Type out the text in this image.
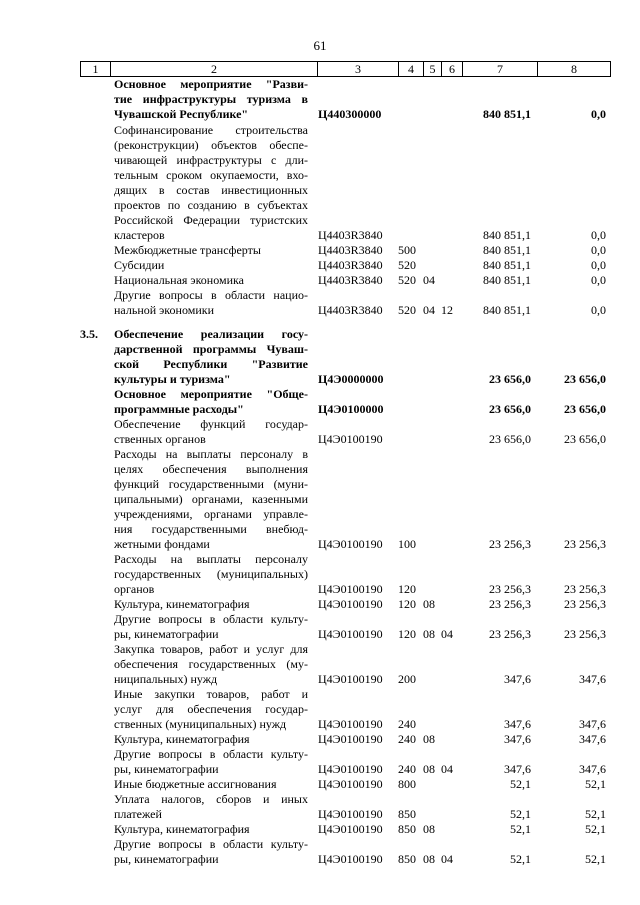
61
1	2	3	4	5	6	7	8
Основное мероприятие "Разви-
тие инфраструктуры туризма в
Чувашской Республике"	Ц440300000	840 851,1	0,0
Софинансирование строительства
(реконструкции) объектов обеспе-
чивающей инфраструктуры с дли-
тельным сроком окупаемости, вхо-
дящих в состав инвестиционных
проектов по созданию в субъектах
Российской Федерации туристских
кластеров	Ц4403R3840	840 851,1	0,0
Межбюджетные трансферты	Ц4403R3840	500	840 851,1	0,0
Субсидии	Ц4403R3840	520	840 851,1	0,0
Национальная экономика	Ц4403R3840	520 04	840 851,1	0,0
Другие вопросы в области нацио-
нальной экономики	Ц4403R3840	520 04 12	840 851,1	0,0
3.5.	Обеспечение реализации госу-
дарственной программы Чуваш-
ской Республики "Развитие
культуры и туризма"	Ц4Э0000000	23 656,0	23 656,0
Основное мероприятие "Обще-
программные расходы"	Ц4Э0100000	23 656,0	23 656,0
Обеспечение функций государ-
ственных органов	Ц4Э0100190	23 656,0	23 656,0
Расходы на выплаты персоналу в
целях обеспечения выполнения
функций государственными (муни-
ципальными) органами, казенными
учреждениями, органами управле-
ния государственными внебюд-
жетными фондами	Ц4Э0100190	100	23 256,3	23 256,3
Расходы на выплаты персоналу
государственных (муниципальных)
органов	Ц4Э0100190	120	23 256,3	23 256,3
Культура, кинематография	Ц4Э0100190	120 08	23 256,3	23 256,3
Другие вопросы в области культу-
ры, кинематографии	Ц4Э0100190	120 08 04	23 256,3	23 256,3
Закупка товаров, работ и услуг для
обеспечения государственных (му-
ниципальных) нужд	Ц4Э0100190	200	347,6	347,6
Иные закупки товаров, работ и
услуг для обеспечения государ-
ственных (муниципальных) нужд	Ц4Э0100190	240	347,6	347,6
Культура, кинематография	Ц4Э0100190	240 08	347,6	347,6
Другие вопросы в области культу-
ры, кинематографии	Ц4Э0100190	240 08 04	347,6	347,6
Иные бюджетные ассигнования	Ц4Э0100190	800	52,1	52,1
Уплата налогов, сборов и иных
платежей	Ц4Э0100190	850	52,1	52,1
Культура, кинематография	Ц4Э0100190	850 08	52,1	52,1
Другие вопросы в области культу-
ры, кинематографии	Ц4Э0100190	850 08 04	52,1	52,1
